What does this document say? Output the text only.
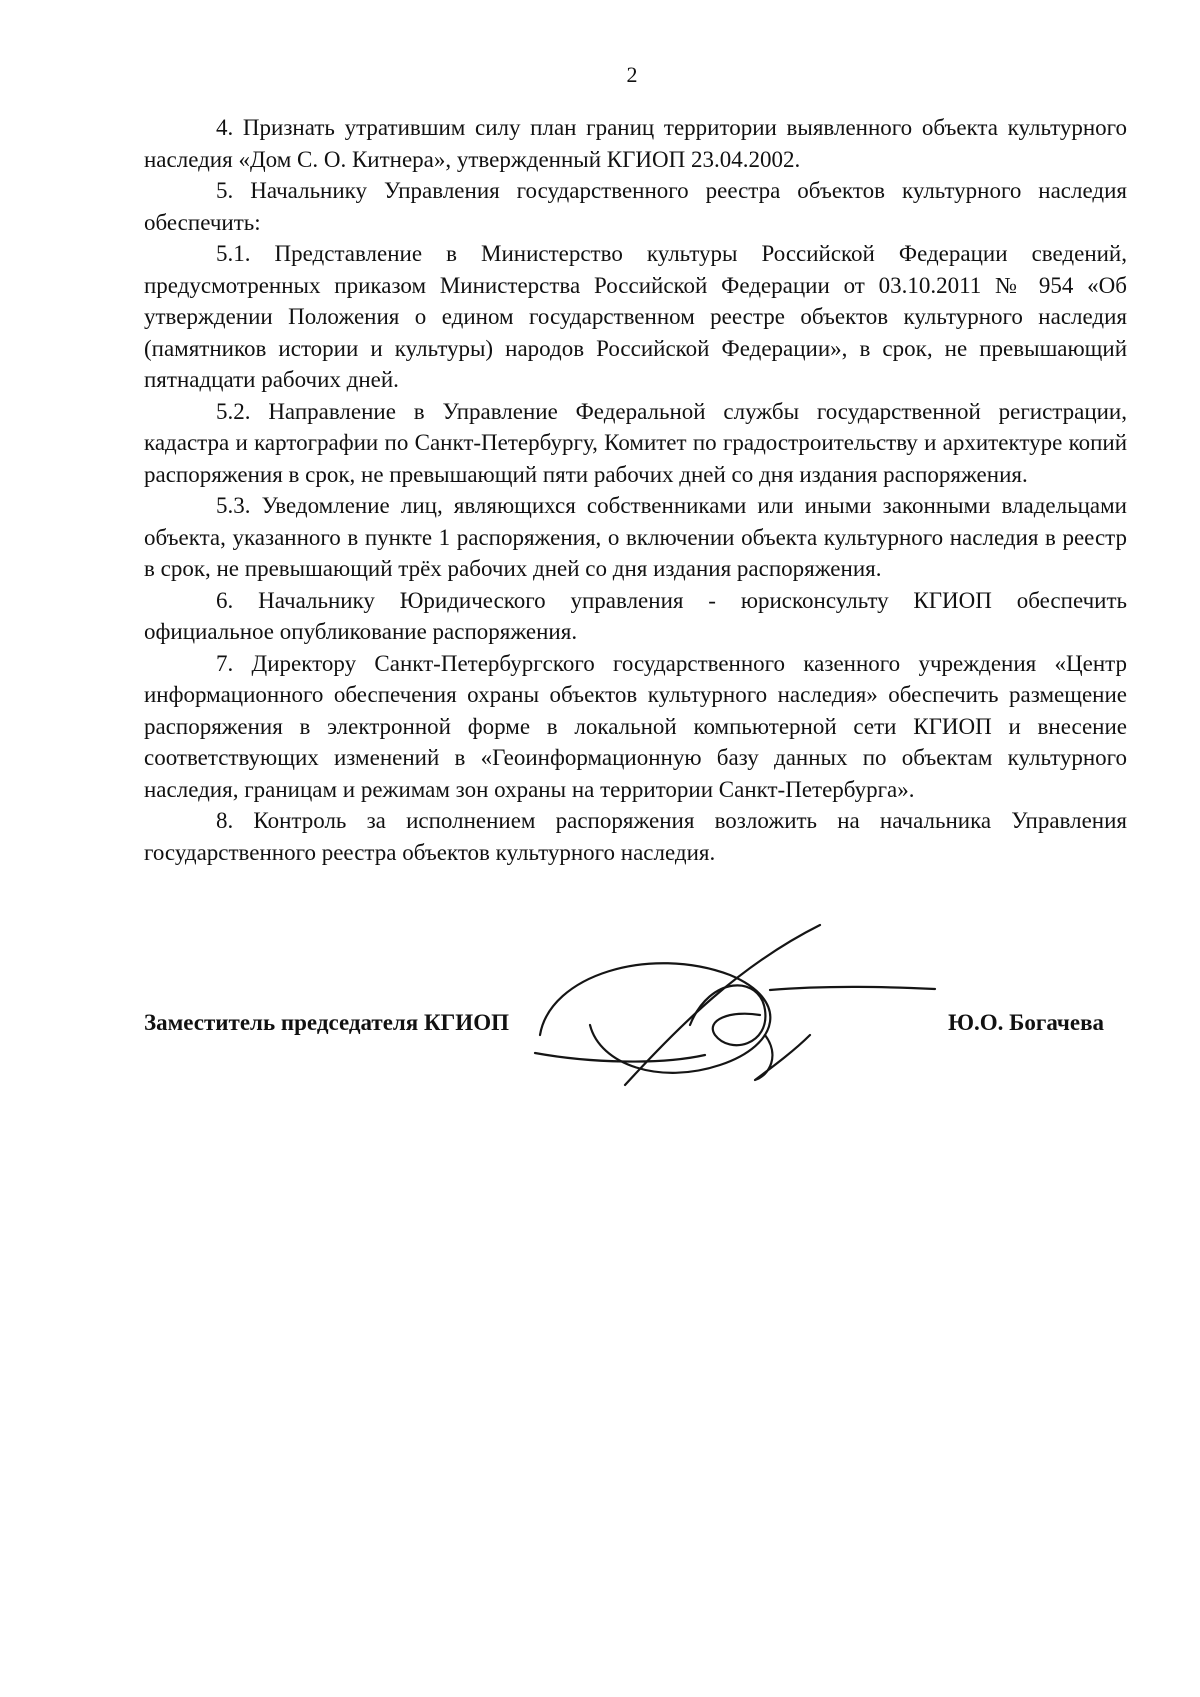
2

4. Признать утратившим силу план границ территории выявленного объекта культурного наследия «Дом С. О. Китнера», утвержденный КГИОП 23.04.2002.

5. Начальнику Управления государственного реестра объектов культурного наследия обеспечить:

5.1. Представление в Министерство культуры Российской Федерации сведений, предусмотренных приказом Министерства Российской Федерации от 03.10.2011 № 954 «Об утверждении Положения о едином государственном реестре объектов культурного наследия (памятников истории и культуры) народов Российской Федерации», в срок, не превышающий пятнадцати рабочих дней.

5.2. Направление в Управление Федеральной службы государственной регистрации, кадастра и картографии по Санкт-Петербургу, Комитет по градостроительству и архитектуре копий распоряжения в срок, не превышающий пяти рабочих дней со дня издания распоряжения.

5.3. Уведомление лиц, являющихся собственниками или иными законными владельцами объекта, указанного в пункте 1 распоряжения, о включении объекта культурного наследия в реестр в срок, не превышающий трёх рабочих дней со дня издания распоряжения.

6. Начальнику Юридического управления - юрисконсульту КГИОП обеспечить официальное опубликование распоряжения.

7. Директору Санкт-Петербургского государственного казенного учреждения «Центр информационного обеспечения охраны объектов культурного наследия» обеспечить размещение распоряжения в электронной форме в локальной компьютерной сети КГИОП и внесение соответствующих изменений в «Геоинформационную базу данных по объектам культурного наследия, границам и режимам зон охраны на территории Санкт-Петербурга».

8. Контроль за исполнением распоряжения возложить на начальника Управления государственного реестра объектов культурного наследия.

Заместитель председателя КГИОП	Ю.О. Богачева
